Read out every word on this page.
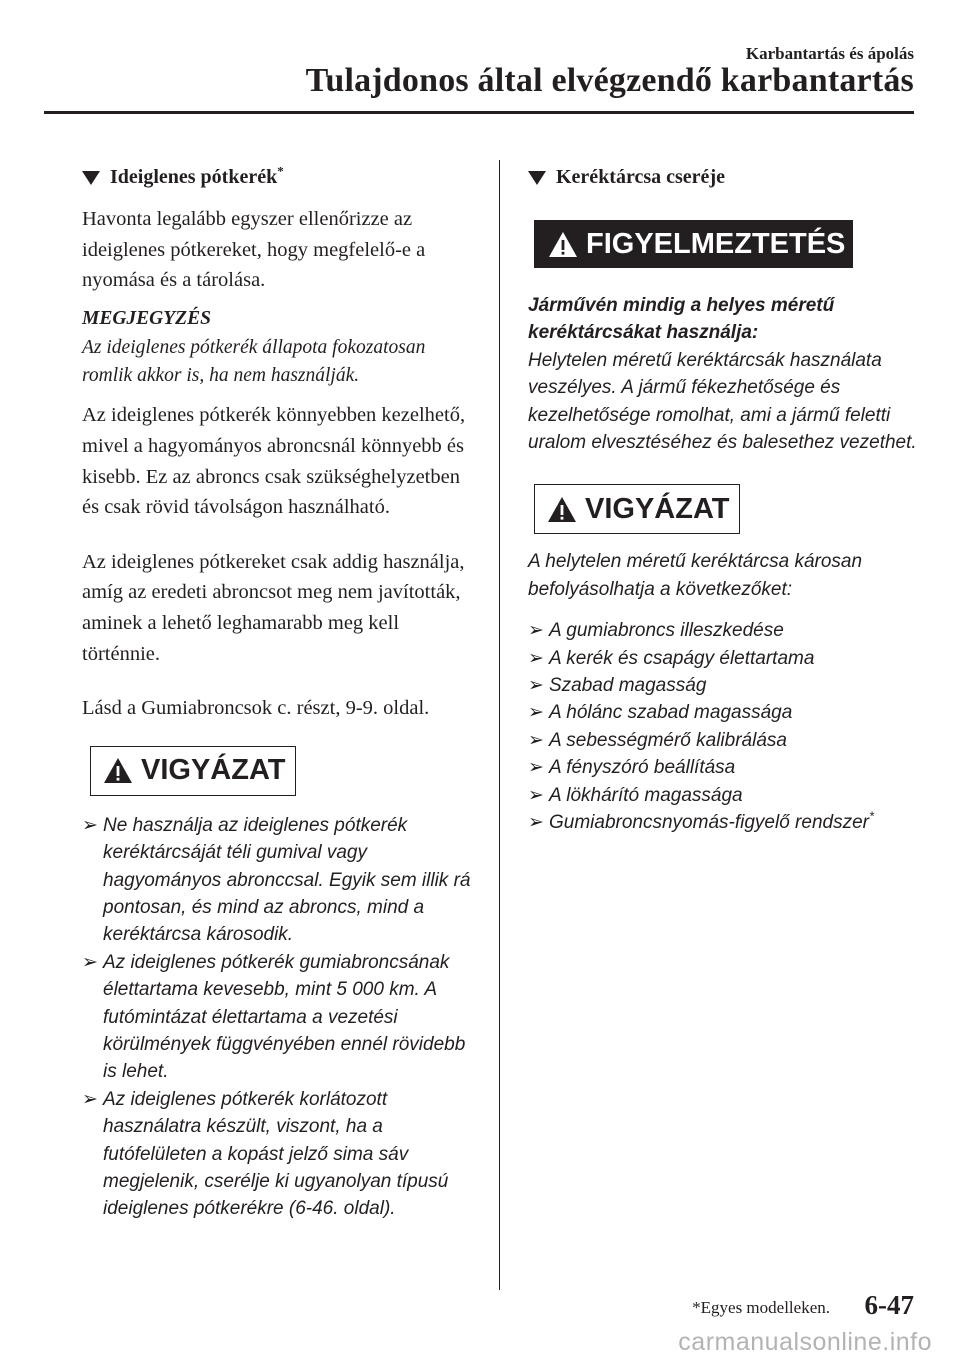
Karbantartás és ápolás
Tulajdonos által elvégzendő karbantartás
Ideiglenes pótkerék*

Havonta legalább egyszer ellenőrizze az ideiglenes pótkereket, hogy megfelelő-e a nyomása és a tárolása.

MEGJEGYZÉS

Az ideiglenes pótkerék állapota fokozatosan romlik akkor is, ha nem használják.

Az ideiglenes pótkerék könnyebben kezelhető, mivel a hagyományos abroncsnál könnyebb és kisebb. Ez az abroncs csak szükséghelyzetben és csak rövid távolságon használható.

Az ideiglenes pótkereket csak addig használja, amíg az eredeti abroncsot meg nem javították, aminek a lehető leghamarabb meg kell történnie.

Lásd a Gumiabroncsok c. részt, 9-9. oldal.

VIGYÁZAT
➢ Ne használja az ideiglenes pótkerék keréktárcsáját téli gumival vagy hagyományos abronccsal. Egyik sem illik rá pontosan, és mind az abroncs, mind a keréktárcsa károsodik.
➢ Az ideiglenes pótkerék gumiabroncsának élettartama kevesebb, mint 5 000 km. A futómintázat élettartama a vezetési körülmények függvényében ennél rövidebb is lehet.
➢ Az ideiglenes pótkerék korlátozott használatra készült, viszont, ha a futófelületen a kopást jelző sima sáv megjelenik, cserélje ki ugyanolyan típusú ideiglenes pótkerékre (6-46. oldal).
Keréktárcsa cseréje
FIGYELMEZTETÉS

Járművén mindig a helyes méretű keréktárcsákat használja:

Helytelen méretű keréktárcsák használata veszélyes. A jármű fékezhetősége és kezelhetősége romolhat, ami a jármű feletti uralom elvesztéséhez és balesethez vezethet.

VIGYÁZAT

A helytelen méretű keréktárcsa károsan befolyásolhatja a következőket:

➢ A gumiabroncs illeszkedése
➢ A kerék és csapágy élettartama
➢ Szabad magasság
➢ A hólánc szabad magassága
➢ A sebességmérő kalibrálása
➢ A fényszóró beállítása
➢ A lökhárító magassága
➢ Gumiabroncsnyomás-figyelő rendszer*
*Egyes modelleken. 6-47
carmanualsonline.info
